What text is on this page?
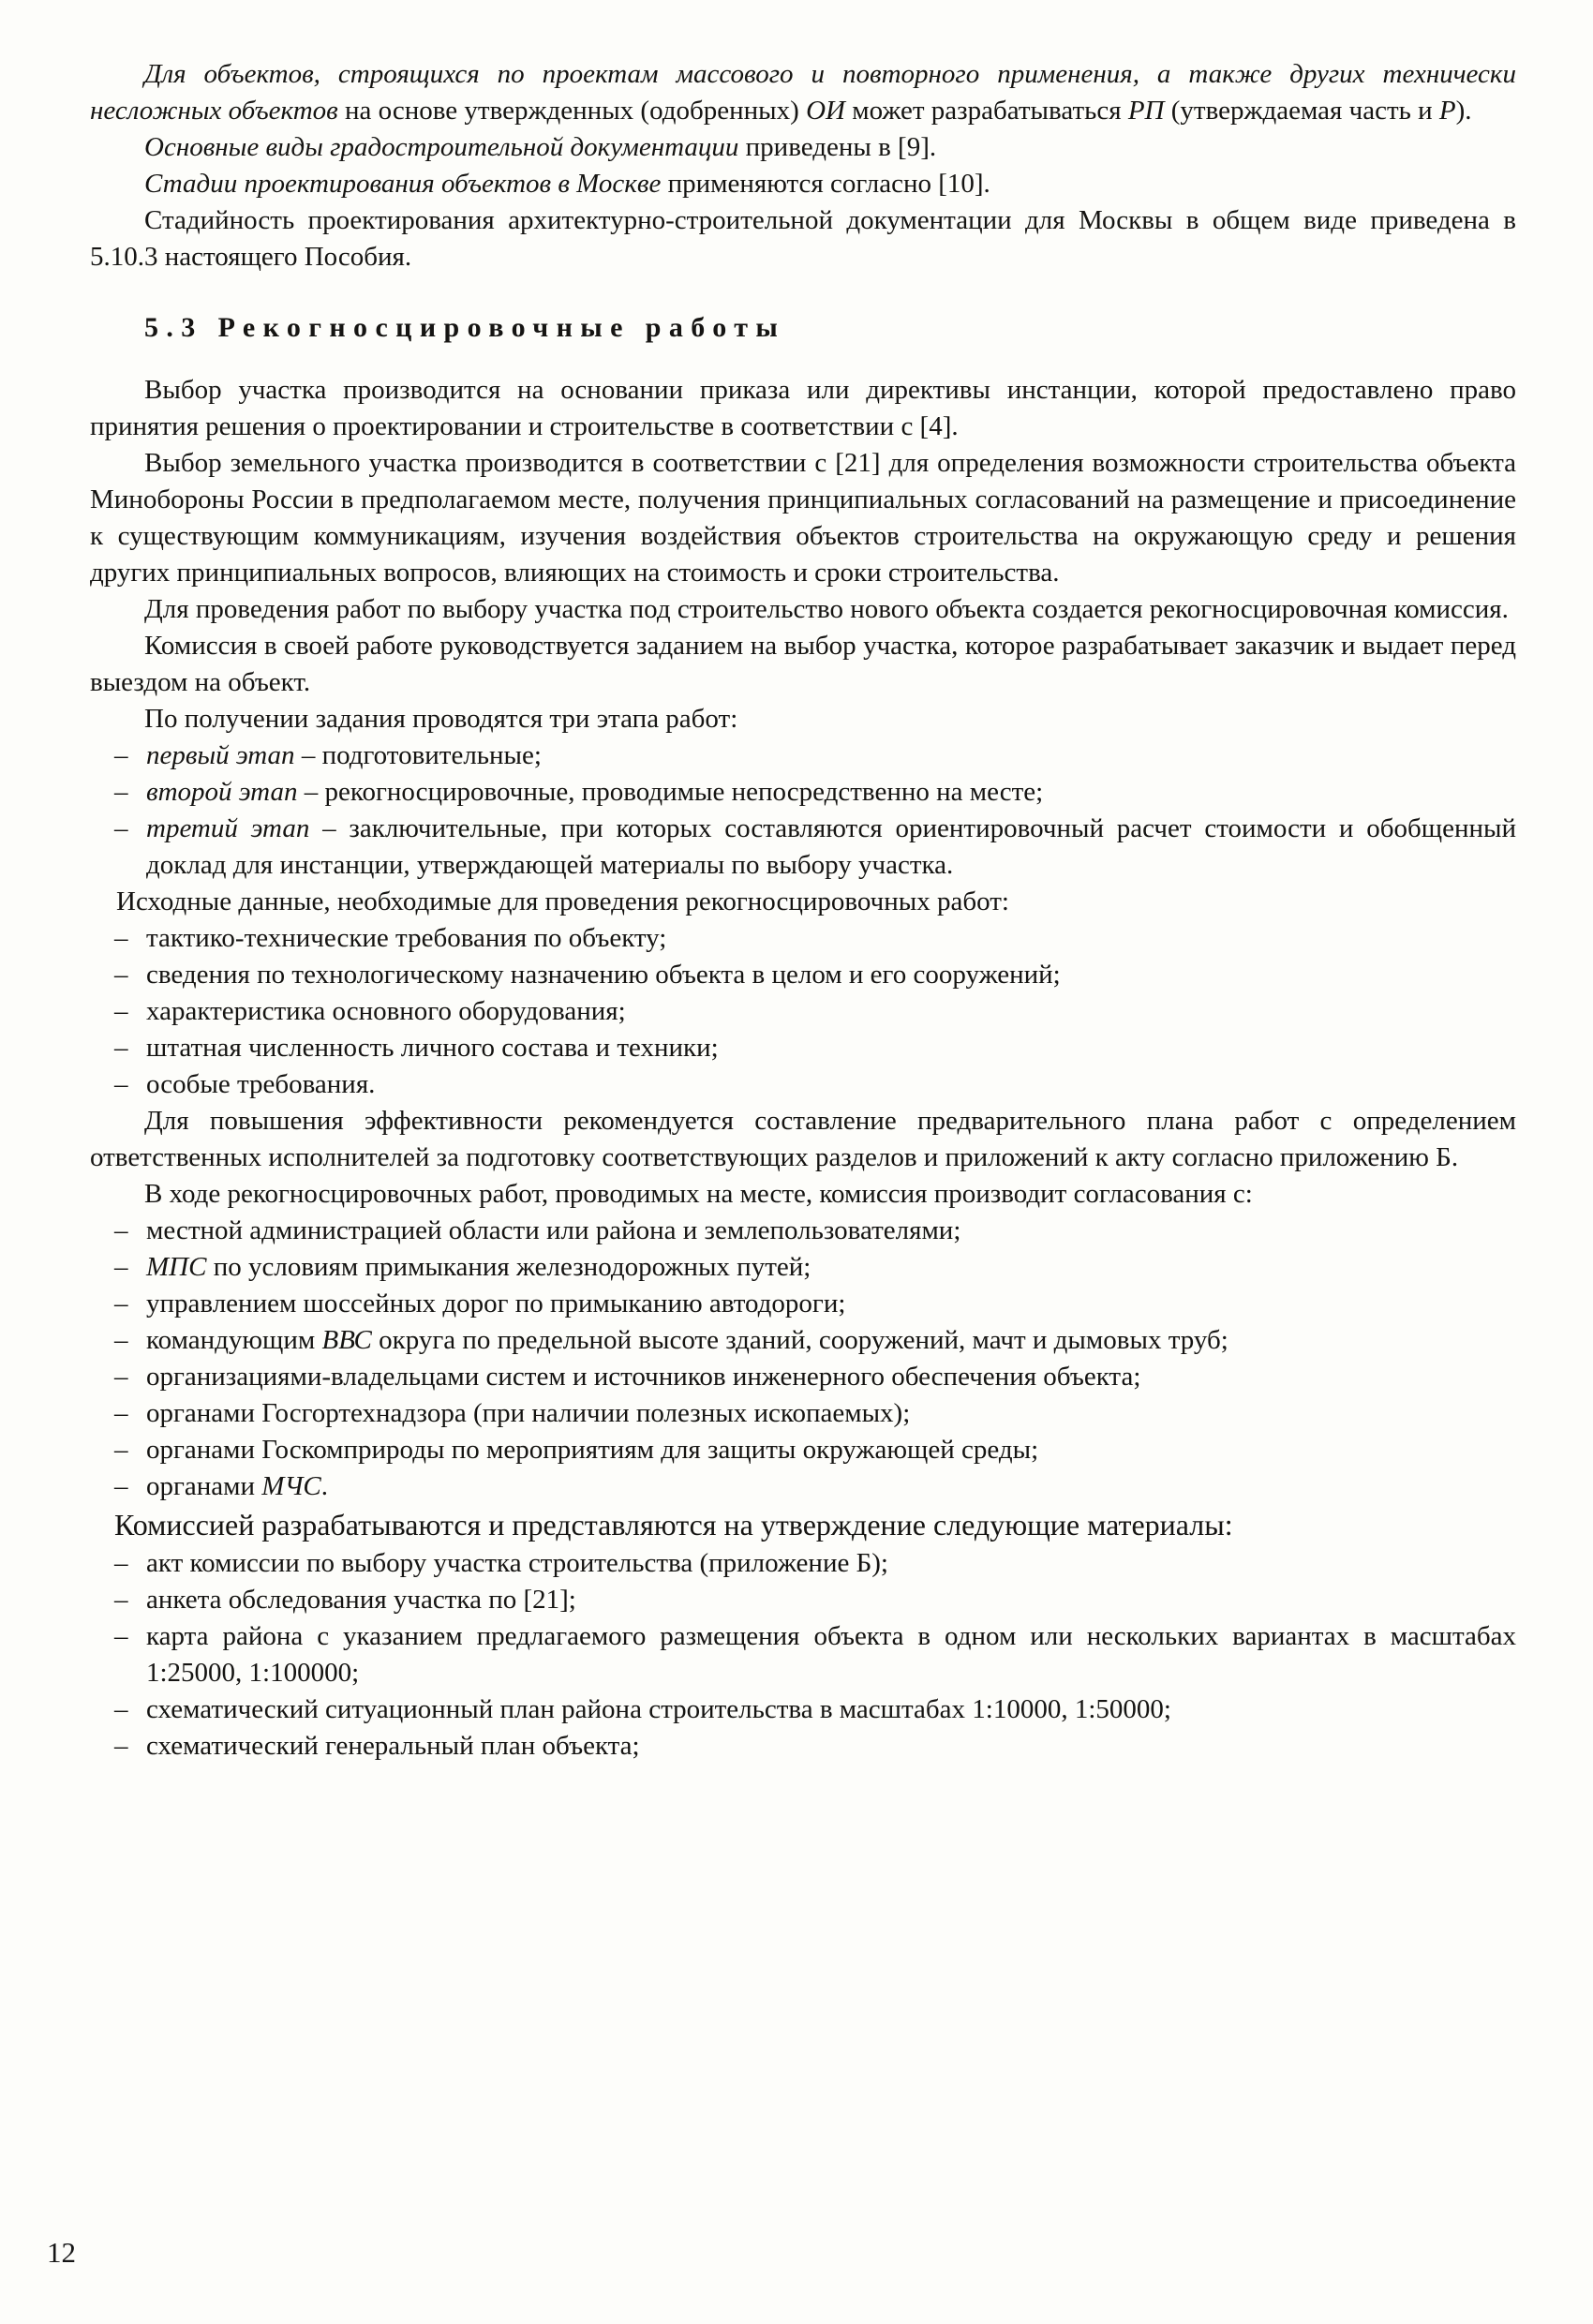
Для объектов, строящихся по проектам массового и повторного применения, а также других технически несложных объектов на основе утвержденных (одобренных) ОИ может разрабатываться РП (утверждаемая часть и Р).

Основные виды градостроительной документации приведены в [9].

Стадии проектирования объектов в Москве применяются согласно [10].

Стадийность проектирования архитектурно-строительной документации для Москвы в общем виде приведена в 5.10.3 настоящего Пособия.

5.3 Рекогносцировочные работы

Выбор участка производится на основании приказа или директивы инстанции, которой предоставлено право принятия решения о проектировании и строительстве в соответствии с [4].

Выбор земельного участка производится в соответствии с [21] для определения возможности строительства объекта Минобороны России в предполагаемом месте, получения принципиальных согласований на размещение и присоединение к существующим коммуникациям, изучения воздействия объектов строительства на окружающую среду и решения других принципиальных вопросов, влияющих на стоимость и сроки строительства.

Для проведения работ по выбору участка под строительство нового объекта создается рекогносцировочная комиссия.

Комиссия в своей работе руководствуется заданием на выбор участка, которое разрабатывает заказчик и выдает перед выездом на объект.

По получении задания проводятся три этапа работ:

– первый этап – подготовительные;
– второй этап – рекогносцировочные, проводимые непосредственно на месте;
– третий этап – заключительные, при которых составляются ориентировочный расчет стоимости и обобщенный доклад для инстанции, утверждающей материалы по выбору участка.

Исходные данные, необходимые для проведения рекогносцировочных работ:

– тактико-технические требования по объекту;
– сведения по технологическому назначению объекта в целом и его сооружений;
– характеристика основного оборудования;
– штатная численность личного состава и техники;
– особые требования.

Для повышения эффективности рекомендуется составление предварительного плана работ с определением ответственных исполнителей за подготовку соответствующих разделов и приложений к акту согласно приложению Б.

В ходе рекогносцировочных работ, проводимых на месте, комиссия производит согласования с:

– местной администрацией области или района и землепользователями;
– МПС по условиям примыкания железнодорожных путей;
– управлением шоссейных дорог по примыканию автодороги;
– командующим ВВС округа по предельной высоте зданий, сооружений, мачт и дымовых труб;
– организациями-владельцами систем и источников инженерного обеспечения объекта;
– органами Госгортехнадзора (при наличии полезных ископаемых);
– органами Госкомприроды по мероприятиям для защиты окружающей среды;
– органами МЧС.

Комиссией разрабатываются и представляются на утверждение следующие материалы:

– акт комиссии по выбору участка строительства (приложение Б);
– анкета обследования участка по [21];
– карта района с указанием предлагаемого размещения объекта в одном или нескольких вариантах в масштабах 1:25000, 1:100000;
– схематический ситуационный план района строительства в масштабах 1:10000, 1:50000;
– схематический генеральный план объекта;
12
